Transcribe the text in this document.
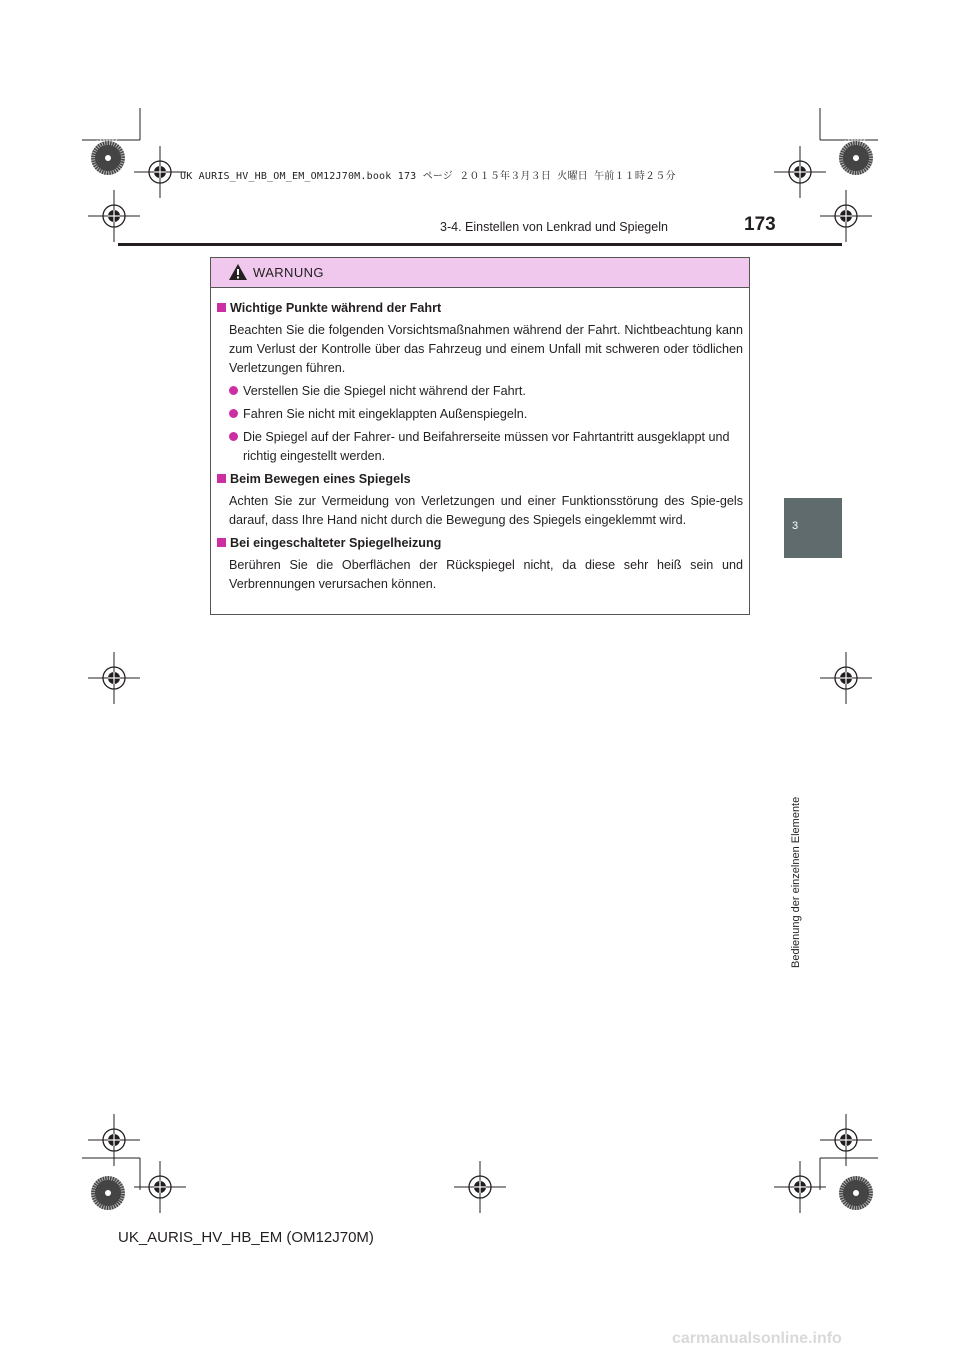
UK AURIS_HV_HB_OM_EM_OM12J70M.book 173 ページ ２０１５年３月３日 火曜日 午前１１時２５分
3-4. Einstellen von Lenkrad und Spiegeln	173
3
Bedienung der einzelnen Elemente
WARNUNG
Wichtige Punkte während der Fahrt
Beachten Sie die folgenden Vorsichtsmaßnahmen während der Fahrt. Nichtbeachtung kann zum Verlust der Kontrolle über das Fahrzeug und einem Unfall mit schweren oder tödlichen Verletzungen führen.
Verstellen Sie die Spiegel nicht während der Fahrt.
Fahren Sie nicht mit eingeklappten Außenspiegeln.
Die Spiegel auf der Fahrer- und Beifahrerseite müssen vor Fahrtantritt ausgeklappt und richtig eingestellt werden.
Beim Bewegen eines Spiegels
Achten Sie zur Vermeidung von Verletzungen und einer Funktionsstörung des Spie-gels darauf, dass Ihre Hand nicht durch die Bewegung des Spiegels eingeklemmt wird.
Bei eingeschalteter Spiegelheizung
Berühren Sie die Oberflächen der Rückspiegel nicht, da diese sehr heiß sein und Verbrennungen verursachen können.
UK_AURIS_HV_HB_EM (OM12J70M)
carmanualsonline.info
